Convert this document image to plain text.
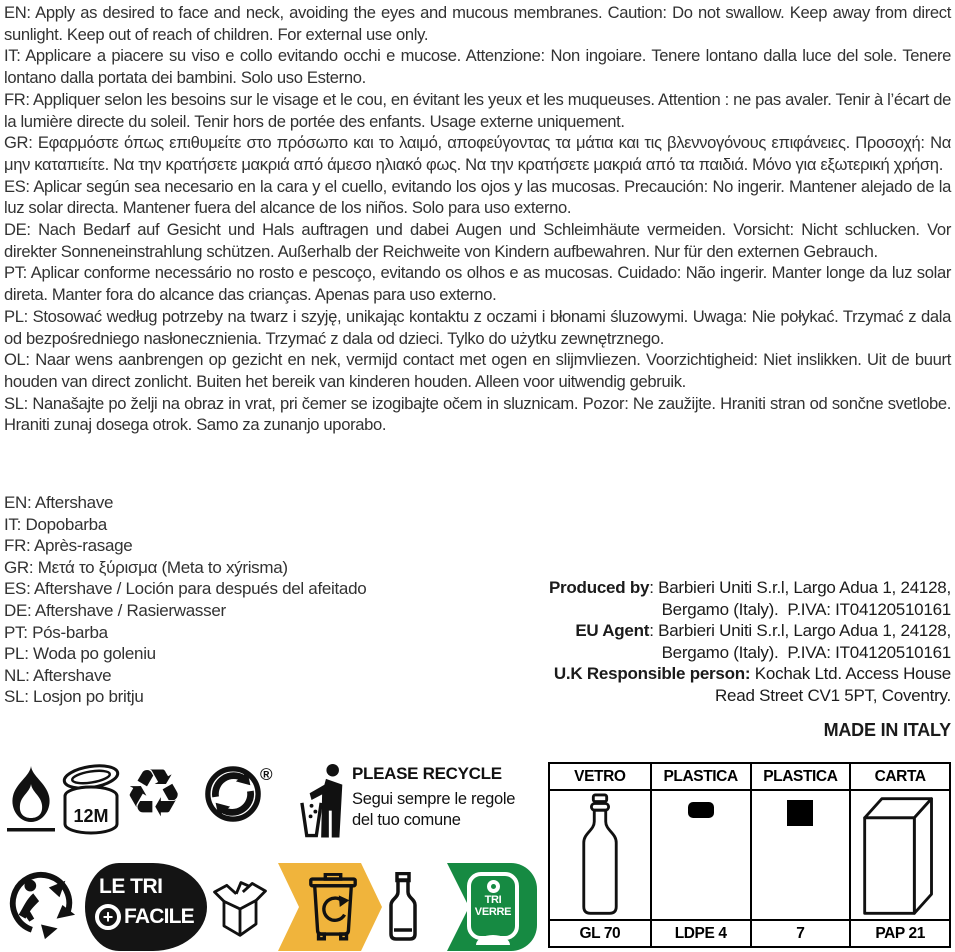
EN: Apply as desired to face and neck, avoiding the eyes and mucous membranes. Caution: Do not swallow. Keep away from direct sunlight. Keep out of reach of children. For external use only.

IT: Applicare a piacere su viso e collo evitando occhi e mucose. Attenzione: Non ingoiare. Tenere lontano dalla luce del sole. Tenere lontano dalla portata dei bambini. Solo uso Esterno.

FR: Appliquer selon les besoins sur le visage et le cou, en évitant les yeux et les muqueuses. Attention : ne pas avaler. Tenir à l’écart de la lumière directe du soleil. Tenir hors de portée des enfants. Usage externe uniquement.

GR: Εφαρμόστε όπως επιθυμείτε στο πρόσωπο και το λαιμό, αποφεύγοντας τα μάτια και τις βλεννογόνους επιφάνειες. Προσοχή: Να μην καταπιείτε. Να την κρατήσετε μακριά από άμεσο ηλιακό φως. Να την κρατήσετε μακριά από τα παιδιά. Μόνο για εξωτερική χρήση.

ES: Aplicar según sea necesario en la cara y el cuello, evitando los ojos y las mucosas. Precaución: No ingerir. Mantener alejado de la luz solar directa. Mantener fuera del alcance de los niños. Solo para uso externo.

DE: Nach Bedarf auf Gesicht und Hals auftragen und dabei Augen und Schleimhäute vermeiden. Vorsicht: Nicht schlucken. Vor direkter Sonneneinstrahlung schützen. Außerhalb der Reichweite von Kindern aufbewahren. Nur für den externen Gebrauch.

PT: Aplicar conforme necessário no rosto e pescoço, evitando os olhos e as mucosas. Cuidado: Não ingerir. Manter longe da luz solar direta. Manter fora do alcance das crianças. Apenas para uso externo.

PL: Stosować według potrzeby na twarz i szyję, unikając kontaktu z oczami i błonami śluzowymi. Uwaga: Nie połykać. Trzymać z dala od bezpośredniego nasłonecznienia. Trzymać z dala od dzieci. Tylko do użytku zewnętrznego.

OL: Naar wens aanbrengen op gezicht en nek, vermijd contact met ogen en slijmvliezen. Voorzichtigheid: Niet inslikken. Uit de buurt houden van direct zonlicht. Buiten het bereik van kinderen houden. Alleen voor uitwendig gebruik.

SL: Nanašajte po želji na obraz in vrat, pri čemer se izogibajte očem in sluznicam. Pozor: Ne zaužijte. Hraniti stran od sončne svetlobe. Hraniti zunaj dosega otrok. Samo za zunanjo uporabo.

EN: Aftershave
IT: Dopobarba
FR: Après-rasage
GR: Μετά το ξύρισμα (Meta to xýrisma)
ES: Aftershave / Loción para después del afeitado
DE: Aftershave / Rasierwasser
PT: Pós-barba
PL: Woda po goleniu
NL: Aftershave
SL: Losjon po britju
Produced by: Barbieri Uniti S.r.l, Largo Adua 1, 24128,
Bergamo (Italy).  P.IVA: IT04120510161
EU Agent: Barbieri Uniti S.r.l, Largo Adua 1, 24128,
Bergamo (Italy).  P.IVA: IT04120510161
U.K Responsible person: Kochak Ltd. Access House
Read Street CV1 5PT, Coventry.
MADE IN ITALY
12M ♻	®	PLEASE RECYCLE
Segui sempre le regole
del tuo comune
LE TRI
+ FACILE
TRI
VERRE
VETRO	PLASTICA	PLASTICA	CARTA
GL 70	LDPE 4	7	PAP 21
